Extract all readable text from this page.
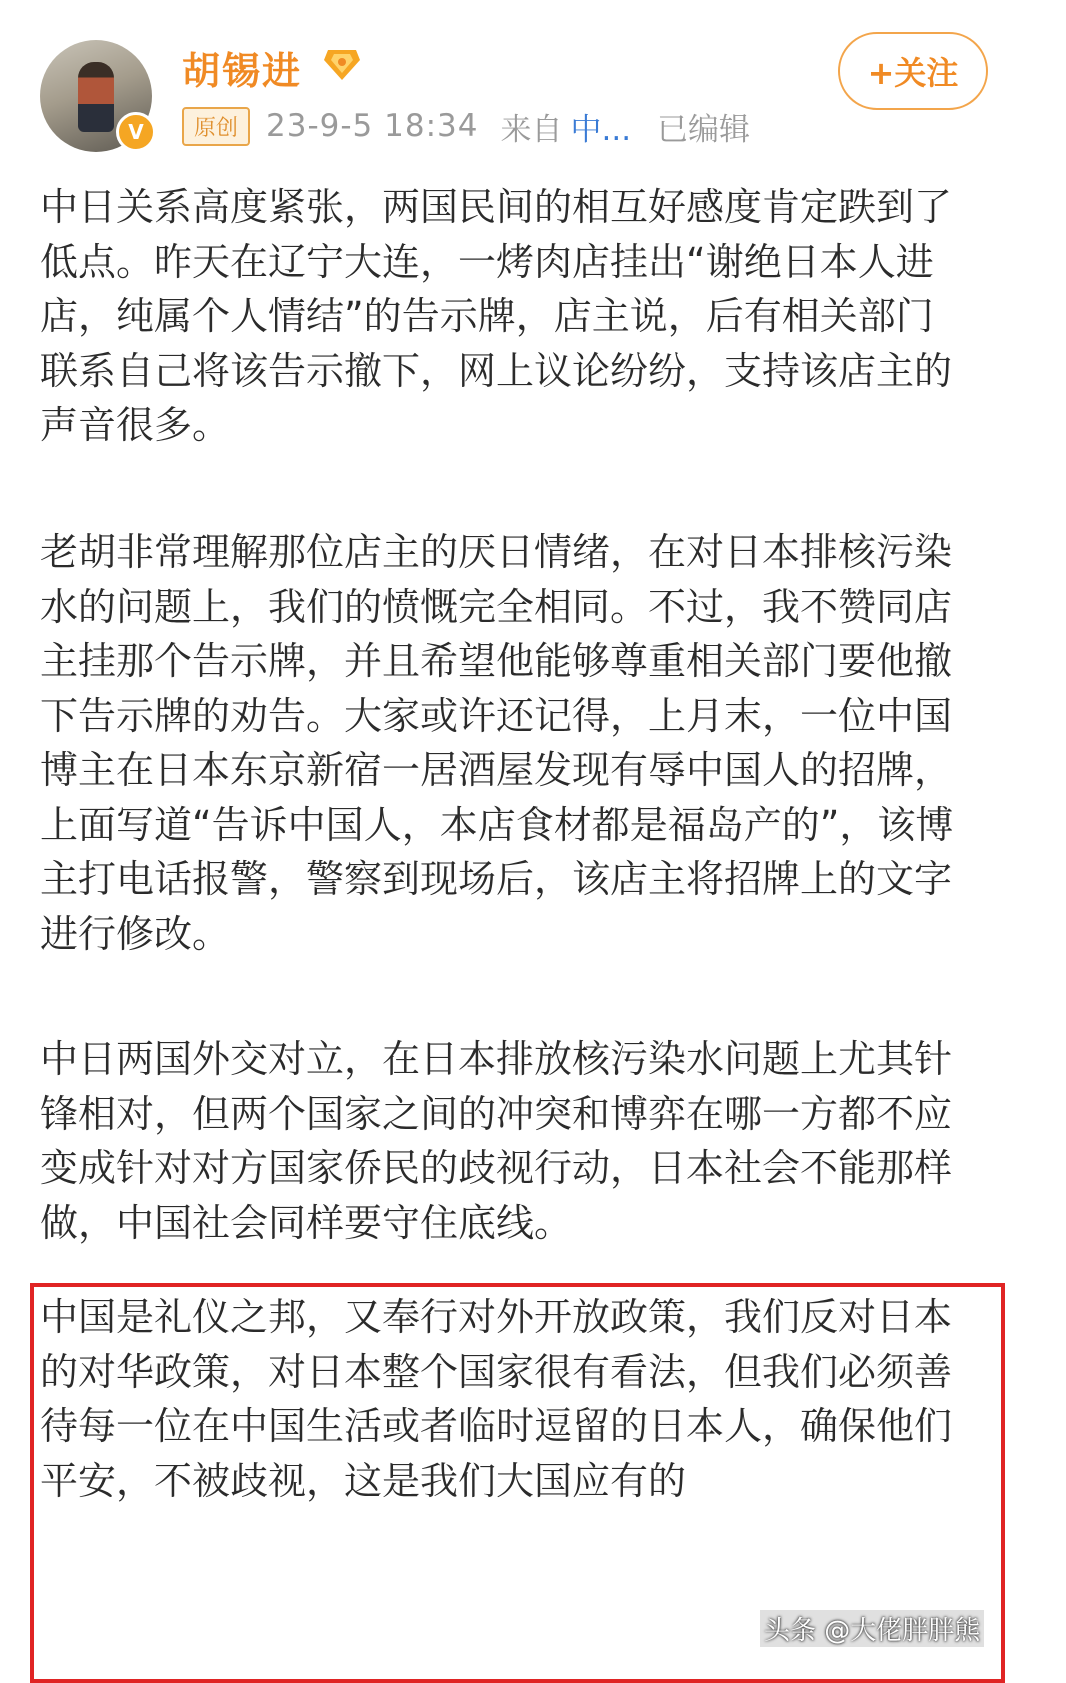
V
胡锡进
原创 23-9-5 18:34 来自 中... 已编辑
+关注
中日关系高度紧张，两国民间的相互好感度肯定跌到了低点。昨天在辽宁大连，一烤肉店挂出“谢绝日本人进店，纯属个人情结”的告示牌，店主说，后有相关部门联系自己将该告示撤下，网上议论纷纷，支持该店主的声音很多。
老胡非常理解那位店主的厌日情绪，在对日本排核污染水的问题上，我们的愤慨完全相同。不过，我不赞同店主挂那个告示牌，并且希望他能够尊重相关部门要他撤下告示牌的劝告。大家或许还记得，上月末，一位中国博主在日本东京新宿一居酒屋发现有辱中国人的招牌，上面写道“告诉中国人，本店食材都是福岛产的”，该博主打电话报警，警察到现场后，该店主将招牌上的文字进行修改。
中日两国外交对立，在日本排放核污染水问题上尤其针锋相对，但两个国家之间的冲突和博弈在哪一方都不应变成针对对方国家侨民的歧视行动，日本社会不能那样做，中国社会同样要守住底线。
中国是礼仪之邦，又奉行对外开放政策，我们反对日本的对华政策，对日本整个国家很有看法，但我们必须善待每一位在中国生活或者临时逗留的日本人，确保他们平安，不被歧视，这是我们大国应有的
头条 @大佬胖胖熊
